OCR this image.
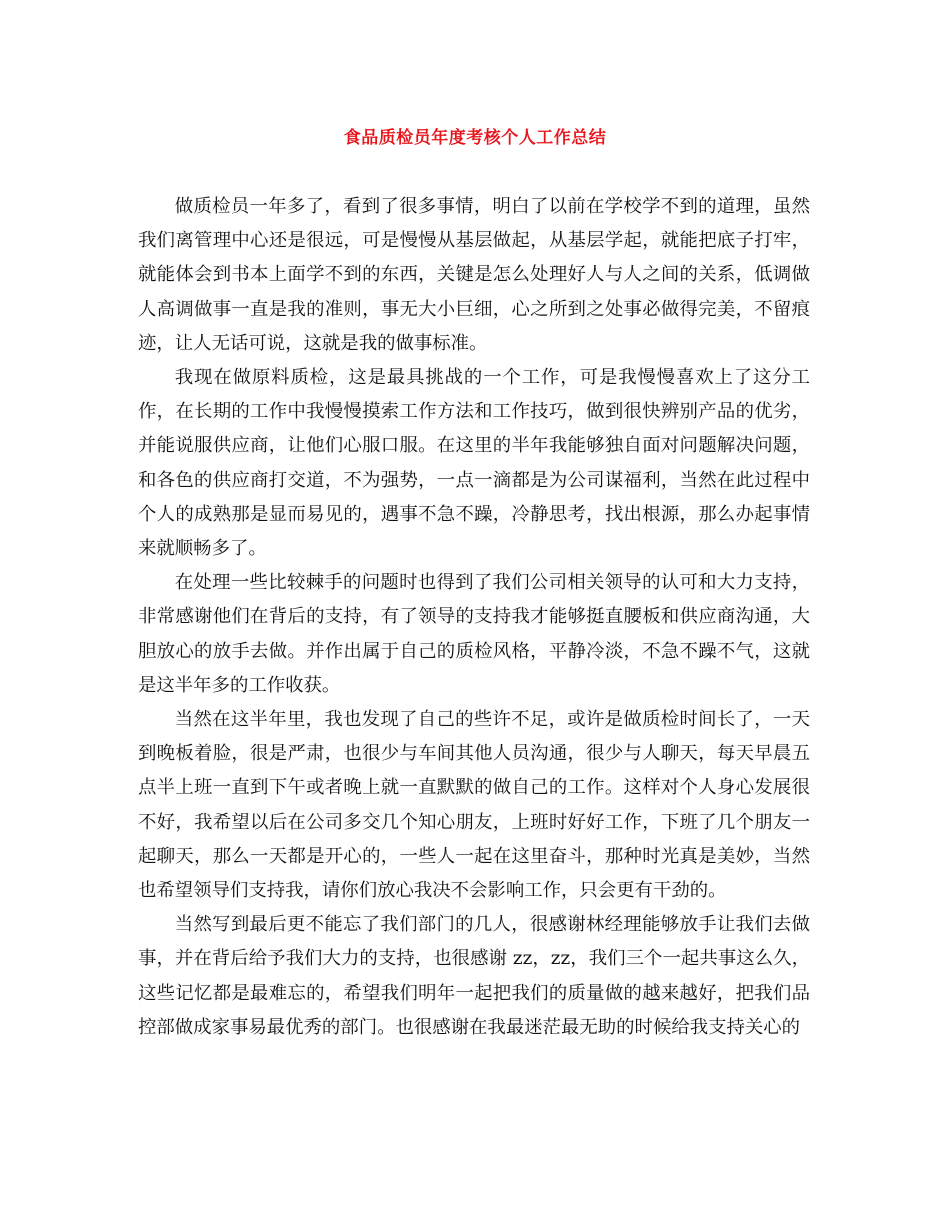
食品质检员年度考核个人工作总结

做质检员一年多了，看到了很多事情，明白了以前在学校学不到的道理，虽然我们离管理中心还是很远，可是慢慢从基层做起，从基层学起，就能把底子打牢，就能体会到书本上面学不到的东西，关键是怎么处理好人与人之间的关系，低调做人高调做事一直是我的准则，事无大小巨细，心之所到之处事必做得完美，不留痕迹，让人无话可说，这就是我的做事标准。

我现在做原料质检，这是最具挑战的一个工作，可是我慢慢喜欢上了这分工作，在长期的工作中我慢慢摸索工作方法和工作技巧，做到很快辨别产品的优劣，并能说服供应商，让他们心服口服。在这里的半年我能够独自面对问题解决问题，和各色的供应商打交道，不为强势，一点一滴都是为公司谋福利，当然在此过程中个人的成熟那是显而易见的，遇事不急不躁，冷静思考，找出根源，那么办起事情来就顺畅多了。

在处理一些比较棘手的问题时也得到了我们公司相关领导的认可和大力支持，非常感谢他们在背后的支持，有了领导的支持我才能够挺直腰板和供应商沟通，大胆放心的放手去做。并作出属于自己的质检风格，平静冷淡，不急不躁不气，这就是这半年多的工作收获。

当然在这半年里，我也发现了自己的些许不足，或许是做质检时间长了，一天到晚板着脸，很是严肃，也很少与车间其他人员沟通，很少与人聊天，每天早晨五点半上班一直到下午或者晚上就一直默默的做自己的工作。这样对个人身心发展很不好，我希望以后在公司多交几个知心朋友，上班时好好工作，下班了几个朋友一起聊天，那么一天都是开心的，一些人一起在这里奋斗，那种时光真是美妙，当然也希望领导们支持我，请你们放心我决不会影响工作，只会更有干劲的。

当然写到最后更不能忘了我们部门的几人，很感谢林经理能够放手让我们去做事，并在背后给予我们大力的支持，也很感谢 zz，zz，我们三个一起共事这么久，这些记忆都是最难忘的，希望我们明年一起把我们的质量做的越来越好，把我们品控部做成家事易最优秀的部门。也很感谢在我最迷茫最无助的时候给我支持关心的
